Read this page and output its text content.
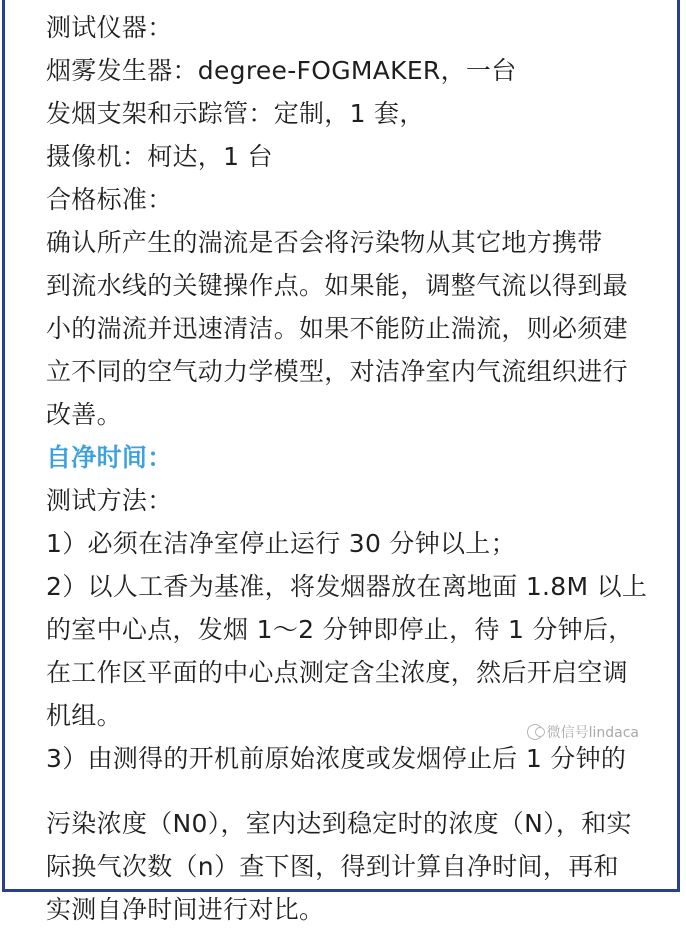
测试仪器：
烟雾发生器：degree-FOGMAKER，一台
发烟支架和示踪管：定制，1 套，
摄像机：柯达，1 台
合格标准：
确认所产生的湍流是否会将污染物从其它地方携带
到流水线的关键操作点。如果能，调整气流以得到最
小的湍流并迅速清洁。如果不能防止湍流，则必须建
立不同的空气动力学模型，对洁净室内气流组织进行
改善。
自净时间：
测试方法：
1）必须在洁净室停止运行 30 分钟以上；
2）以人工香为基准，将发烟器放在离地面 1.8M 以上
的室中心点，发烟 1～2 分钟即停止，待 1 分钟后，
在工作区平面的中心点测定含尘浓度，然后开启空调
机组。
3）由测得的开机前原始浓度或发烟停止后 1 分钟的
污染浓度（N0），室内达到稳定时的浓度（N），和实
际换气次数（n）查下图，得到计算自净时间，再和
实测自净时间进行对比。
微信号lindaca
